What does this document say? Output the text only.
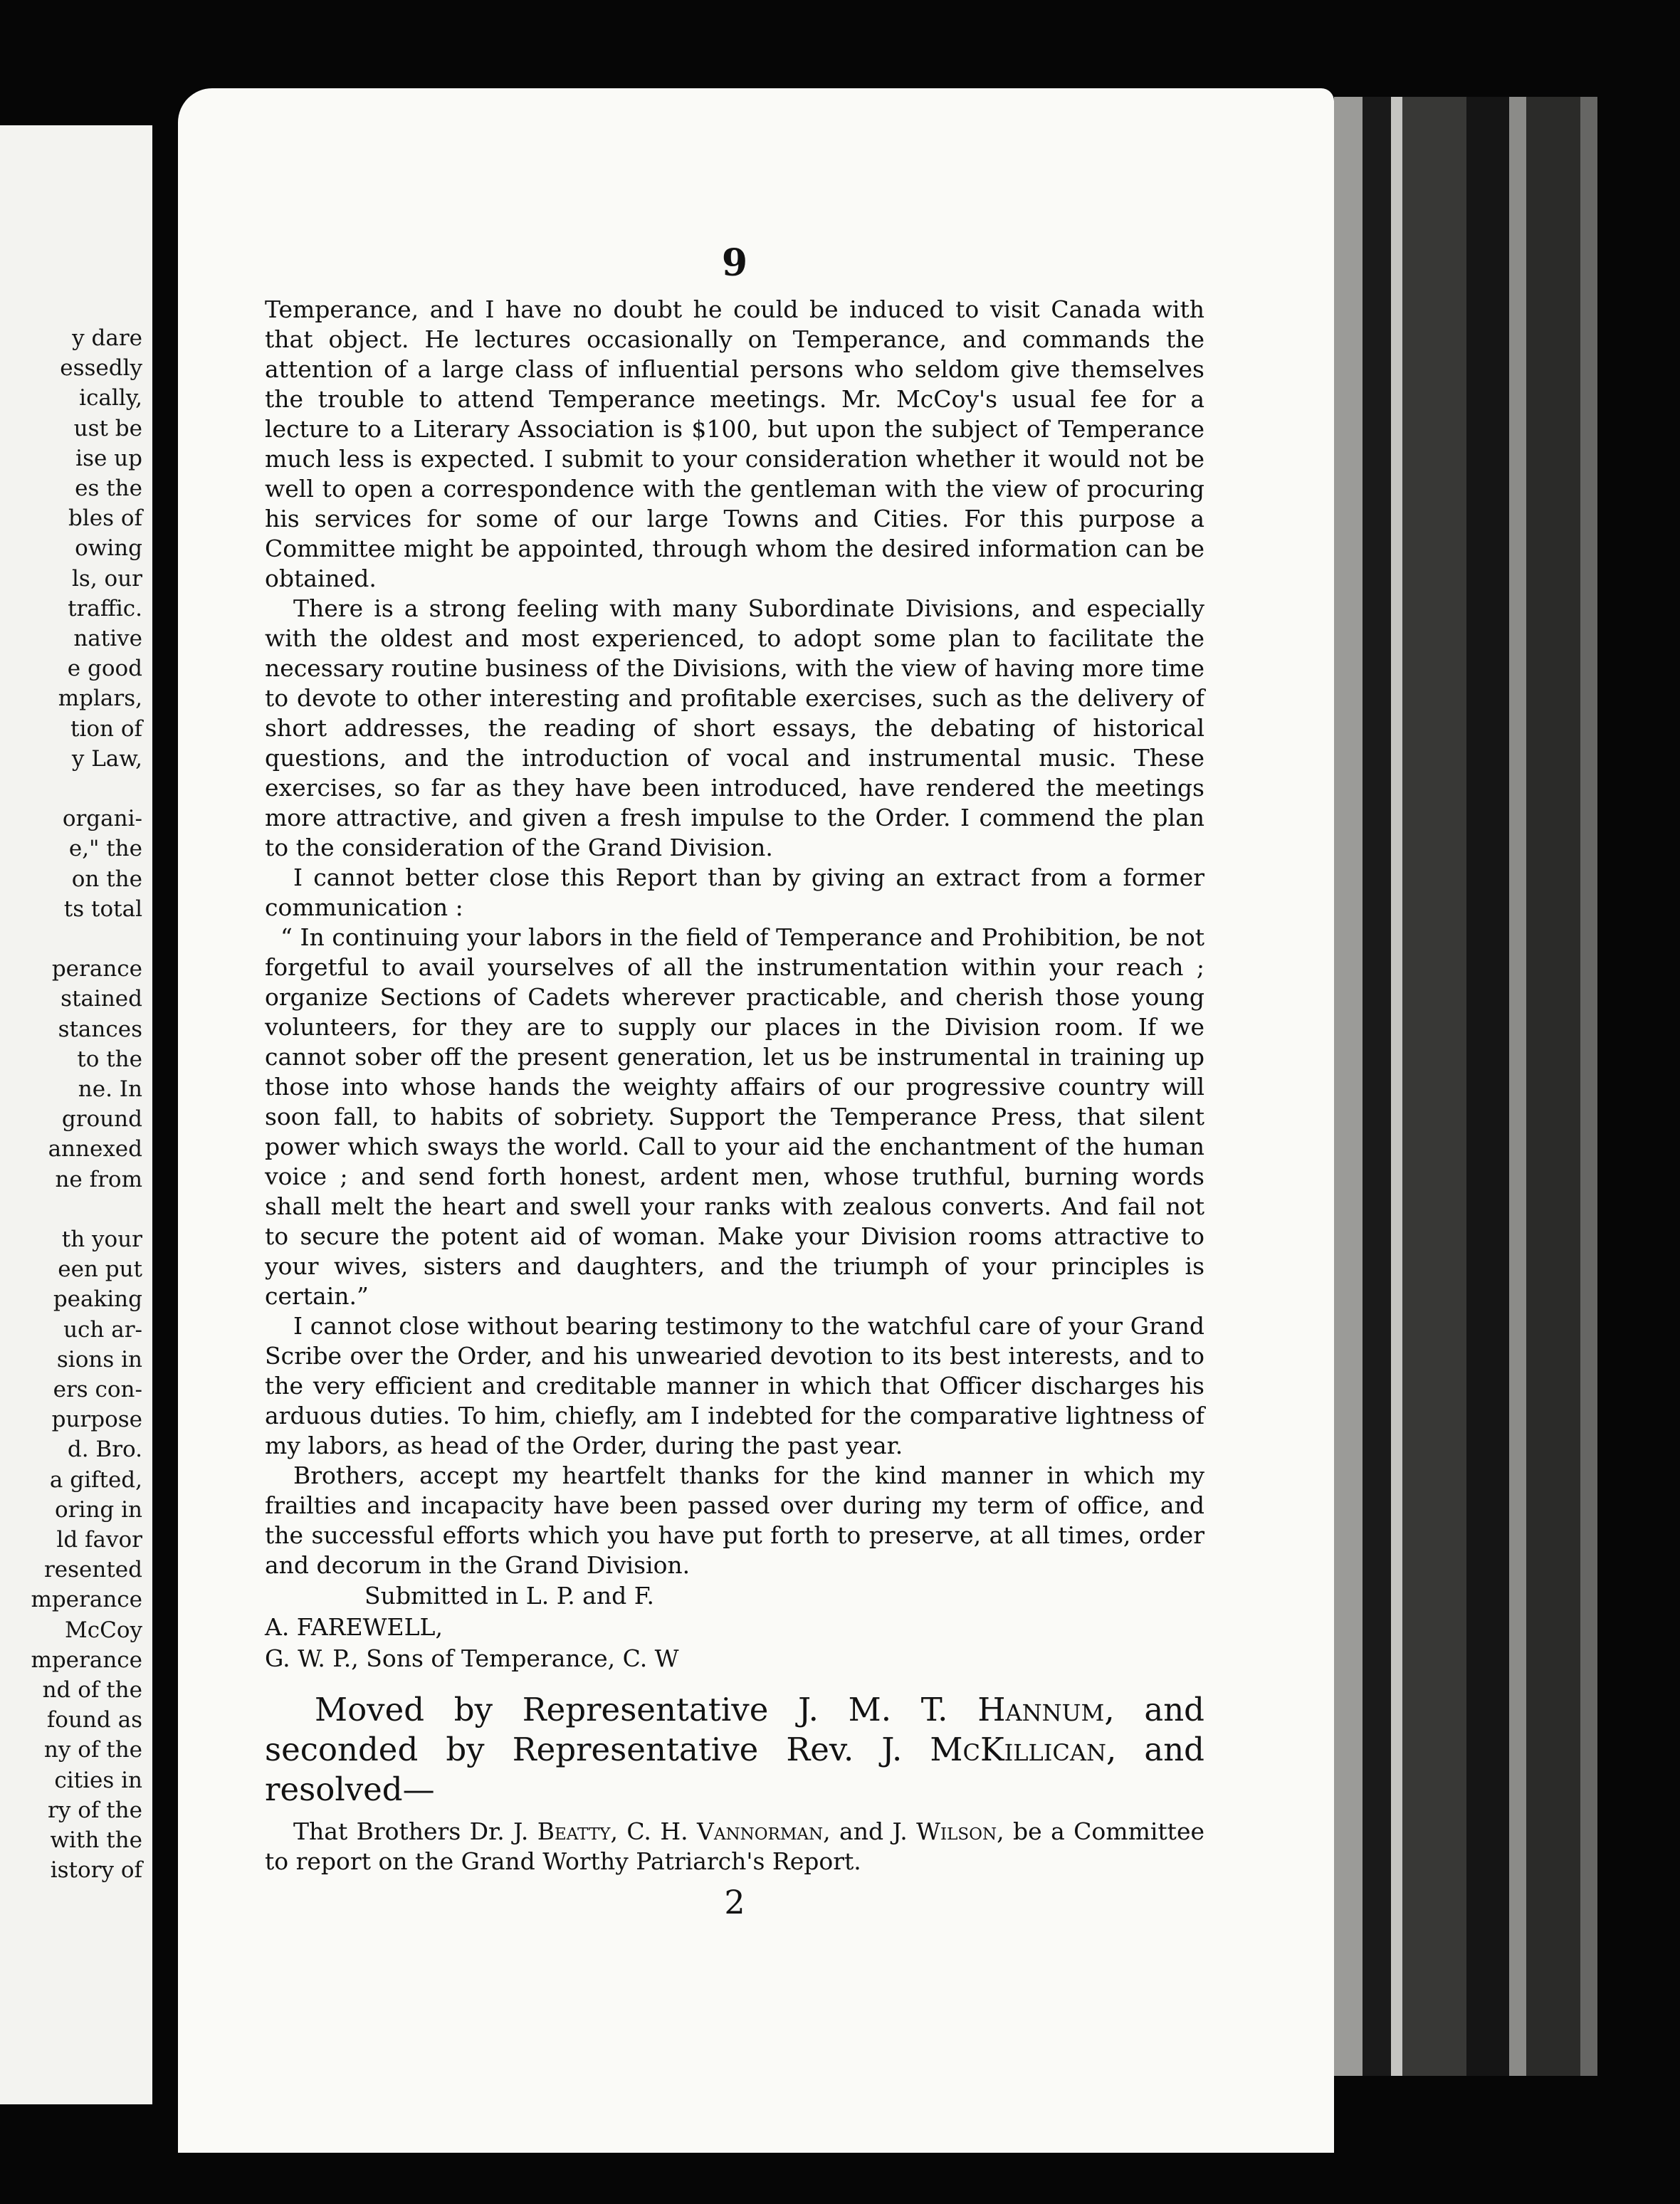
y dare
essedly
ically,
ust be
ise up
es the
bles of
owing
ls, our
traffic.
native
e good
mplars,
tion of
y Law,
organi-
e," the
on the
ts total
perance
stained
stances
to the
ne. In
ground
annexed
ne from
th your
een put
peaking
uch ar-
sions in
ers con-
purpose
d. Bro.
a gifted,
oring in
ld favor
resented
mperance
McCoy
mperance
nd of the
found as
ny of the
cities in
ry of the
with the
istory of
9

Temperance, and I have no doubt he could be induced to visit Canada with that object. He lectures occasionally on Temperance, and commands the attention of a large class of influential persons who seldom give themselves the trouble to attend Temperance meetings. Mr. McCoy's usual fee for a lecture to a Literary Association is $100, but upon the subject of Temperance much less is expected. I submit to your consideration whether it would not be well to open a correspondence with the gentleman with the view of procuring his services for some of our large Towns and Cities. For this purpose a Committee might be appointed, through whom the desired information can be obtained.

There is a strong feeling with many Subordinate Divisions, and especially with the oldest and most experienced, to adopt some plan to facilitate the necessary routine business of the Divisions, with the view of having more time to devote to other interesting and profitable exercises, such as the delivery of short addresses, the reading of short essays, the debating of historical questions, and the introduction of vocal and instrumental music. These exercises, so far as they have been introduced, have rendered the meetings more attractive, and given a fresh impulse to the Order. I commend the plan to the consideration of the Grand Division.

I cannot better close this Report than by giving an extract from a former communication :

“ In continuing your labors in the field of Temperance and Prohibition, be not forgetful to avail yourselves of all the instrumentation within your reach ; organize Sections of Cadets wherever practicable, and cherish those young volunteers, for they are to supply our places in the Division room. If we cannot sober off the present generation, let us be instrumental in training up those into whose hands the weighty affairs of our progressive country will soon fall, to habits of sobriety. Support the Temperance Press, that silent power which sways the world. Call to your aid the enchantment of the human voice ; and send forth honest, ardent men, whose truthful, burning words shall melt the heart and swell your ranks with zealous converts. And fail not to secure the potent aid of woman. Make your Division rooms attractive to your wives, sisters and daughters, and the triumph of your principles is certain.”

I cannot close without bearing testimony to the watchful care of your Grand Scribe over the Order, and his unwearied devotion to its best interests, and to the very efficient and creditable manner in which that Officer discharges his arduous duties. To him, chiefly, am I indebted for the comparative lightness of my labors, as head of the Order, during the past year.

Brothers, accept my heartfelt thanks for the kind manner in which my frailties and incapacity have been passed over during my term of office, and the successful efforts which you have put forth to preserve, at all times, order and decorum in the Grand Division.

Submitted in L. P. and F.

A. FAREWELL,

G. W. P., Sons of Temperance, C. W

Moved by Representative J. M. T. Hannum, and seconded by Representative Rev. J. McKillican, and resolved—

That Brothers Dr. J. Beatty, C. H. Vannorman, and J. Wilson, be a Committee to report on the Grand Worthy Patriarch's Report.

2
